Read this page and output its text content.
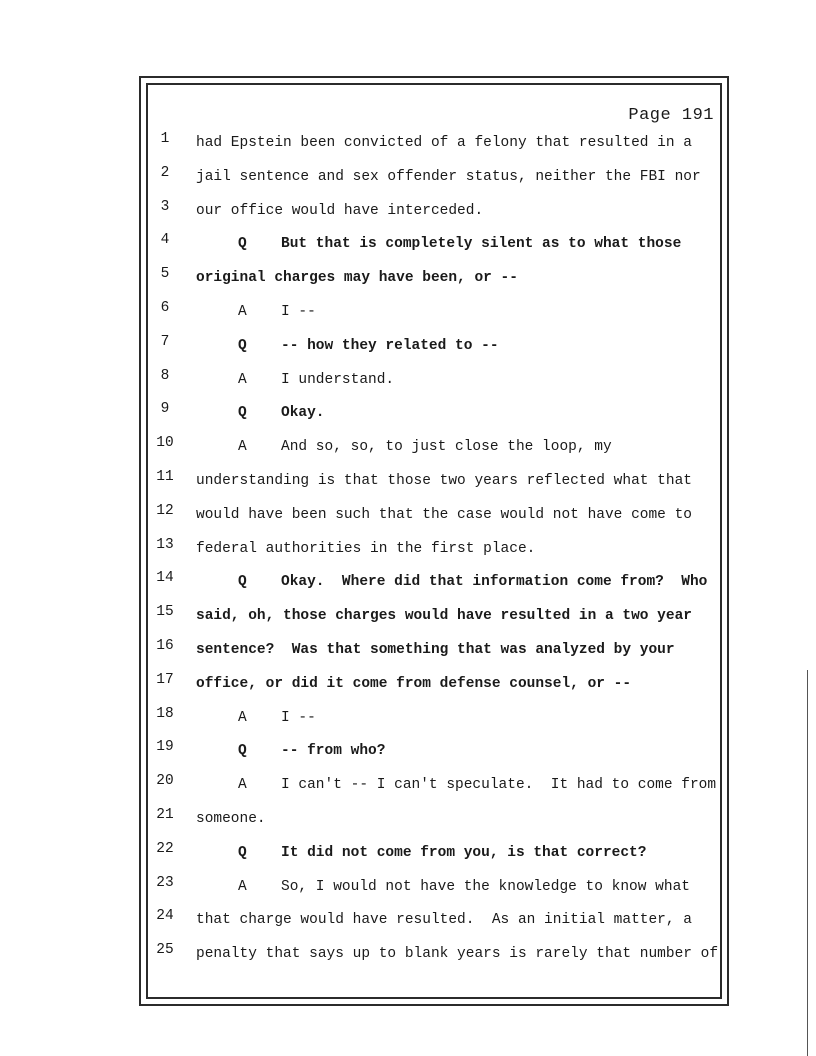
Page 191
1	had Epstein been convicted of a felony that resulted in a
2	jail sentence and sex offender status, neither the FBI nor
3	our office would have interceded.
4	Q But that is completely silent as to what those
5	original charges may have been, or --
6	A I --
7	Q -- how they related to --
8	A I understand.
9	Q Okay.
10	A And so, so, to just close the loop, my
11	understanding is that those two years reflected what that
12	would have been such that the case would not have come to
13	federal authorities in the first place.
14	Q Okay.  Where did that information come from?  Who
15	said, oh, those charges would have resulted in a two year
16	sentence?  Was that something that was analyzed by your
17	office, or did it come from defense counsel, or --
18	A I --
19	Q -- from who?
20	A I can't -- I can't speculate.  It had to come from
21	someone.
22	Q It did not come from you, is that correct?
23	A So, I would not have the knowledge to know what
24	that charge would have resulted.  As an initial matter, a
25	penalty that says up to blank years is rarely that number of
